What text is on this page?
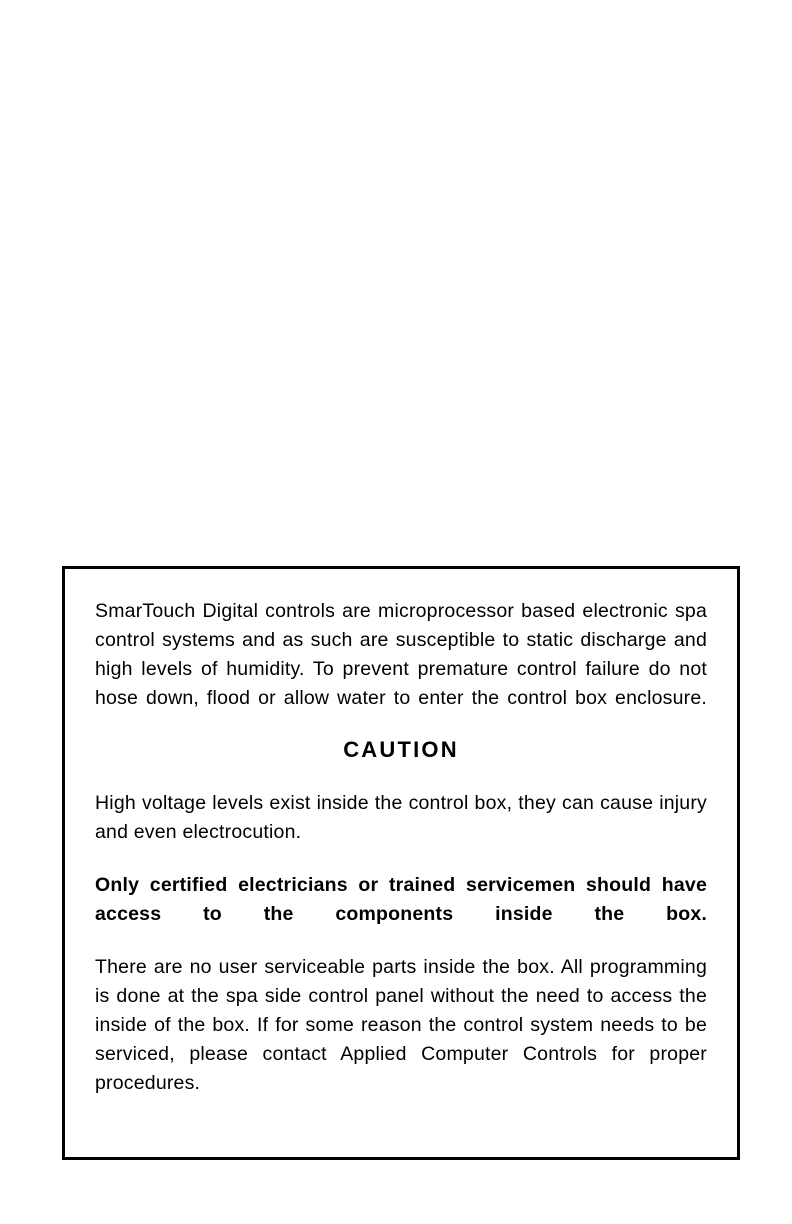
SmarTouch Digital controls are microprocessor based electronic spa control systems and as such are susceptible to static discharge and high levels of humidity. To prevent premature control failure do not hose down, flood or allow water to enter the control box enclosure.

CAUTION

High voltage levels exist inside the control box, they can cause injury and even electrocution.

Only certified electricians or trained servicemen should have access to the components inside the box.

There are no user serviceable parts inside the box. All programming is done at the spa side control panel without the need to access the inside of the box. If for some reason the control system needs to be serviced, please contact Applied Computer Controls for proper procedures.
